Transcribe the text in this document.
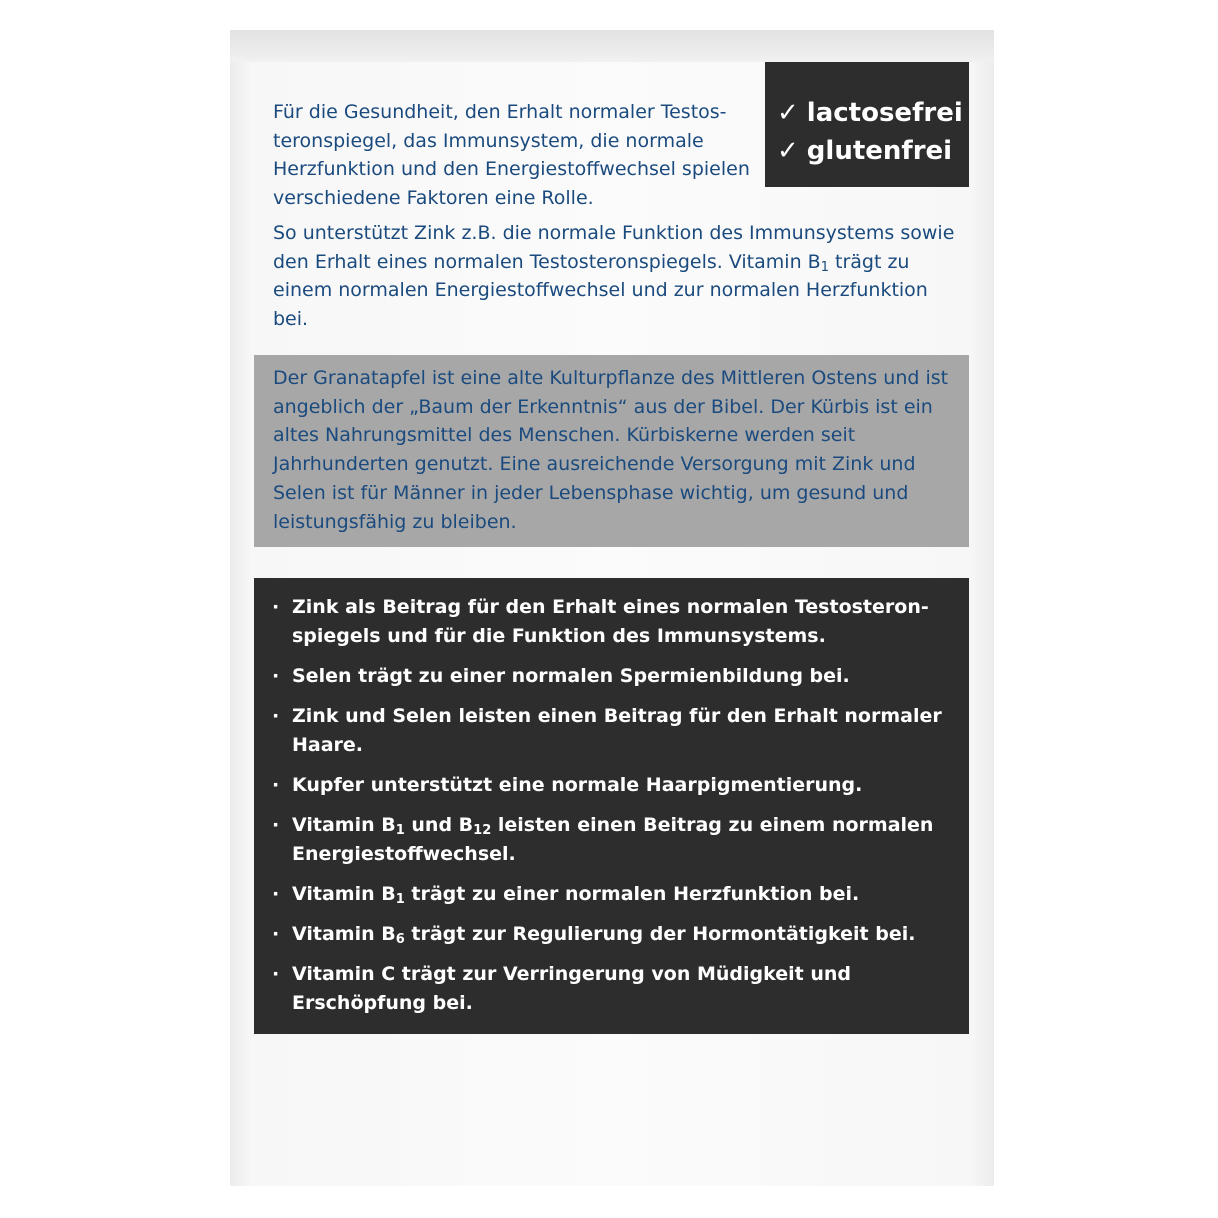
Für die Gesundheit, den Erhalt normaler Testos-teronspiegel, das Immunsystem, die normale Herzfunktion und den Energiestoffwechsel spielen verschiedene Faktoren eine Rolle.
So unterstützt Zink z.B. die normale Funktion des Immunsystems sowie den Erhalt eines normalen Testosteronspiegels. Vitamin $B_1$ trägt zu einem normalen Energiestoffwechsel und zur normalen Herzfunktion bei.
✓ lactosefrei
✓ glutenfrei
Der Granatapfel ist eine alte Kulturpflanze des Mittleren Ostens und ist angeblich der „Baum der Erkenntnis“ aus der Bibel. Der Kürbis ist ein altes Nahrungsmittel des Menschen. Kürbiskerne werden seit Jahrhunderten genutzt. Eine ausreichende Versorgung mit Zink und Selen ist für Männer in jeder Lebensphase wichtig, um gesund und leistungsfähig zu bleiben.
· Zink als Beitrag für den Erhalt eines normalen Testosteron-spiegels und für die Funktion des Immunsystems.
· Selen trägt zu einer normalen Spermienbildung bei.
· Zink und Selen leisten einen Beitrag für den Erhalt normaler Haare.
· Kupfer unterstützt eine normale Haarpigmentierung.
· Vitamin $B_1$ und $B_{12}$ leisten einen Beitrag zu einem normalen Energiestoffwechsel.
· Vitamin $B_1$ trägt zu einer normalen Herzfunktion bei.
· Vitamin $B_6$ trägt zur Regulierung der Hormontätigkeit bei.
· Vitamin C trägt zur Verringerung von Müdigkeit und Erschöpfung bei.
